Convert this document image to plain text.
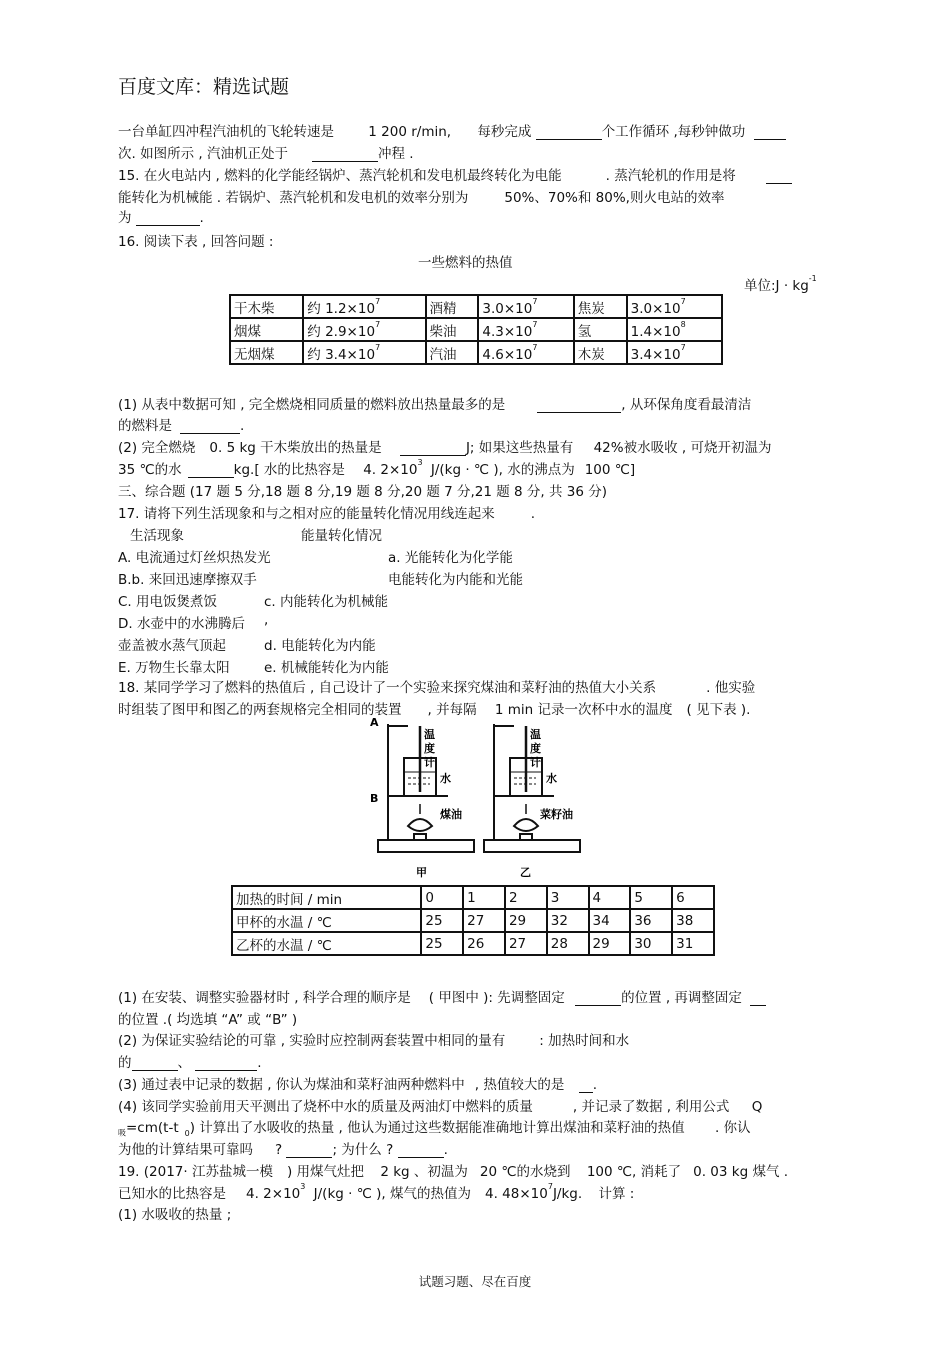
百度文库：精选试题
一台单缸四冲程汽油机的飞轮转速是	1 200 r/min, 每秒完成	个工作循环 ,每秒钟做功
次. 如图所示 , 汽油机正处于	冲程 .
15. 在火电站内 , 燃料的化学能经锅炉、蒸汽轮机和发电机最终转化为电能	. 蒸汽轮机的作用是将
能转化为机械能 . 若锅炉、蒸汽轮机和发电机的效率分别为	50%、70%和 80%,则火电站的效率
为	.
16. 阅读下表 , 回答问题 :
一些燃料的热值
单位:J · $kg^{-1}$
干木柴	约 $1.2\times 10^7$	酒精	$3.0\times 10^7$	焦炭	$3.0\times 10^7$
烟煤	约 $2.9\times 10^7$	柴油	$4.3\times 10^7$	氢	$1.4\times 10^8$
无烟煤	约 $3.4\times 10^7$	汽油	$4.6\times 10^7$	木炭	$3.4\times 10^7$
(1) 从表中数据可知 , 完全燃烧相同质量的燃料放出热量最多的是	, 从环保角度看最清洁
的燃料是	.
(2) 完全燃烧 0. 5 kg 干木柴放出的热量是	J; 如果这些热量有 42%被水吸收 , 可烧开初温为
35 ℃的水	kg.[ 水的比热容是 4. $2\times 10^3$ J/(kg · ℃ ), 水的沸点为 100 ℃]
三、综合题 (17 题 5 分,18 题 8 分,19 题 8 分,20 题 7 分,21 题 8 分, 共 36 分)
17. 请将下列生活现象和与之相对应的能量转化情况用线连起来	.
生活现象	能量转化情况
A. 电流通过灯丝炽热发光	a. 光能转化为化学能
B.b. 来回迅速摩擦双手	电能转化为内能和光能
C. 用电饭煲煮饭	c. 内能转化为机械能
D. 水壶中的水沸腾后 ,
壶盖被水蒸气顶起	d. 电能转化为内能
E. 万物生长靠太阳	e. 机械能转化为内能
18. 某同学学习了燃料的热值后 , 自己设计了一个实验来探究煤油和菜籽油的热值大小关系	. 他实验
时组装了图甲和图乙的两套规格完全相同的装置 , 并每隔 1 min 记录一次杯中水的温度 ( 见下表 ).
A
B
温
度
计
水
煤油
温
度
计
水
菜籽油
甲	乙
加热的时间 / min	0	1	2	3	4	5	6
甲杯的水温 / ℃	25	27	29	32	34	36	38
乙杯的水温 / ℃	25	26	27	28	29	30	31
(1) 在安装、调整实验器材时 , 科学合理的顺序是 ( 甲图中 ): 先调整固定	的位置 , 再调整固定
的位置 .( 均选填 “A” 或 “B” )
(2) 为保证实验结论的可靠 , 实验时应控制两套装置中相同的量有	: 加热时间和水
的	、	.
(3) 通过表中记录的数据 , 你认为煤油和菜籽油两种燃料中 , 热值较大的是 .
(4) 该同学实验前用天平测出了烧杯中水的质量及两油灯中燃料的质量	, 并记录了数据 , 利用公式 Q
$_吸$=cm(t-t $_0$) 计算出了水吸收的热量 , 他认为通过这些数据能准确地计算出煤油和菜籽油的热值 . 你认
为他的计算结果可靠吗 ?	; 为什么 ?	.
19. (2017· 江苏盐城一模 ) 用煤气灶把 2 kg 、初温为 20 ℃的水烧到 100 ℃, 消耗了 0. 03 kg 煤气 .
已知水的比热容是 4. $2\times 10^3$ J/(kg · ℃ ), 煤气的热值为 4. $48\times 10^7J/kg$. 计算 :
(1) 水吸收的热量 ;
试题习题、尽在百度
